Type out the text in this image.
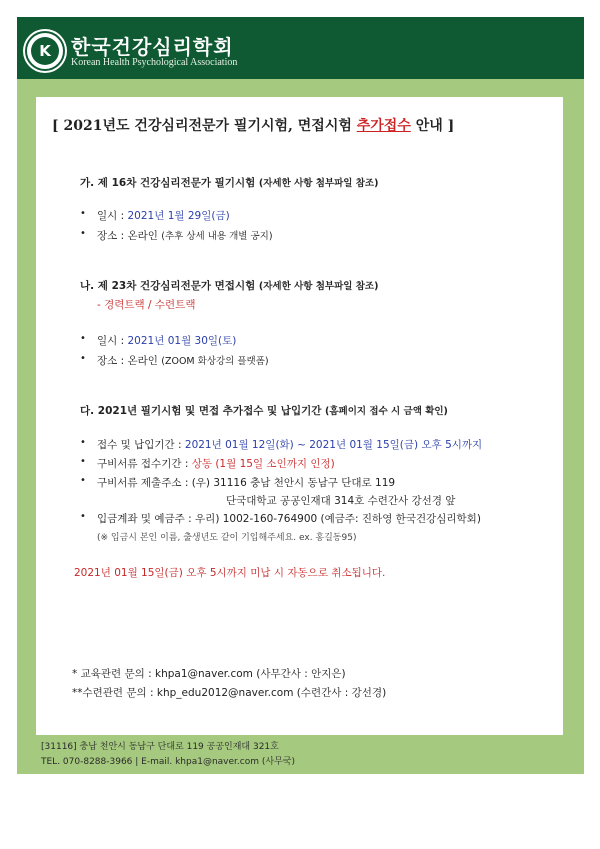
K	한국건강심리학회
Korean Health Psychological Association
[31116] 충남 천안시 동남구 단대로 119 공공인재대 321호
TEL. 070-8288-3966 | E-mail. khpa1@naver.com (사무국)
[ 2021년도 건강심리전문가 필기시험, 면접시험 추가접수 안내 ]
가. 제 16차 건강심리전문가 필기시험 (자세한 사항 첨부파일 참조)
• 일시 : 2021년 1월 29일(금)
• 장소 : 온라인 (추후 상세 내용 개별 공지)
나. 제 23차 건강심리전문가 면접시험 (자세한 사항 첨부파일 참조)
- 경력트랙 / 수련트랙
• 일시 : 2021년 01월 30일(토)
• 장소 : 온라인 (ZOOM 화상강의 플랫폼)
다. 2021년 필기시험 및 면접 추가접수 및 납입기간 (홈페이지 접수 시 금액 확인)
• 접수 및 납입기간 : 2021년 01월 12일(화) ~ 2021년 01월 15일(금) 오후 5시까지
• 구비서류 접수기간 : 상동 (1월 15일 소인까지 인정)
• 구비서류 제출주소 : (우) 31116 충남 천안시 동남구 단대로 119
단국대학교 공공인재대 314호 수련간사 강선경 앞
• 입금계좌 및 예금주 : 우리) 1002-160-764900 (예금주: 진하영 한국건강심리학회)
(※ 입금시 본인 이름, 출생년도 같이 기입해주세요. ex. 홍길동95)
2021년 01월 15일(금) 오후 5시까지 미납 시 자동으로 취소됩니다.
* 교육관련 문의 : khpa1@naver.com (사무간사 : 안지은)
**수련관련 문의 : khp_edu2012@naver.com (수련간사 : 강선경)
